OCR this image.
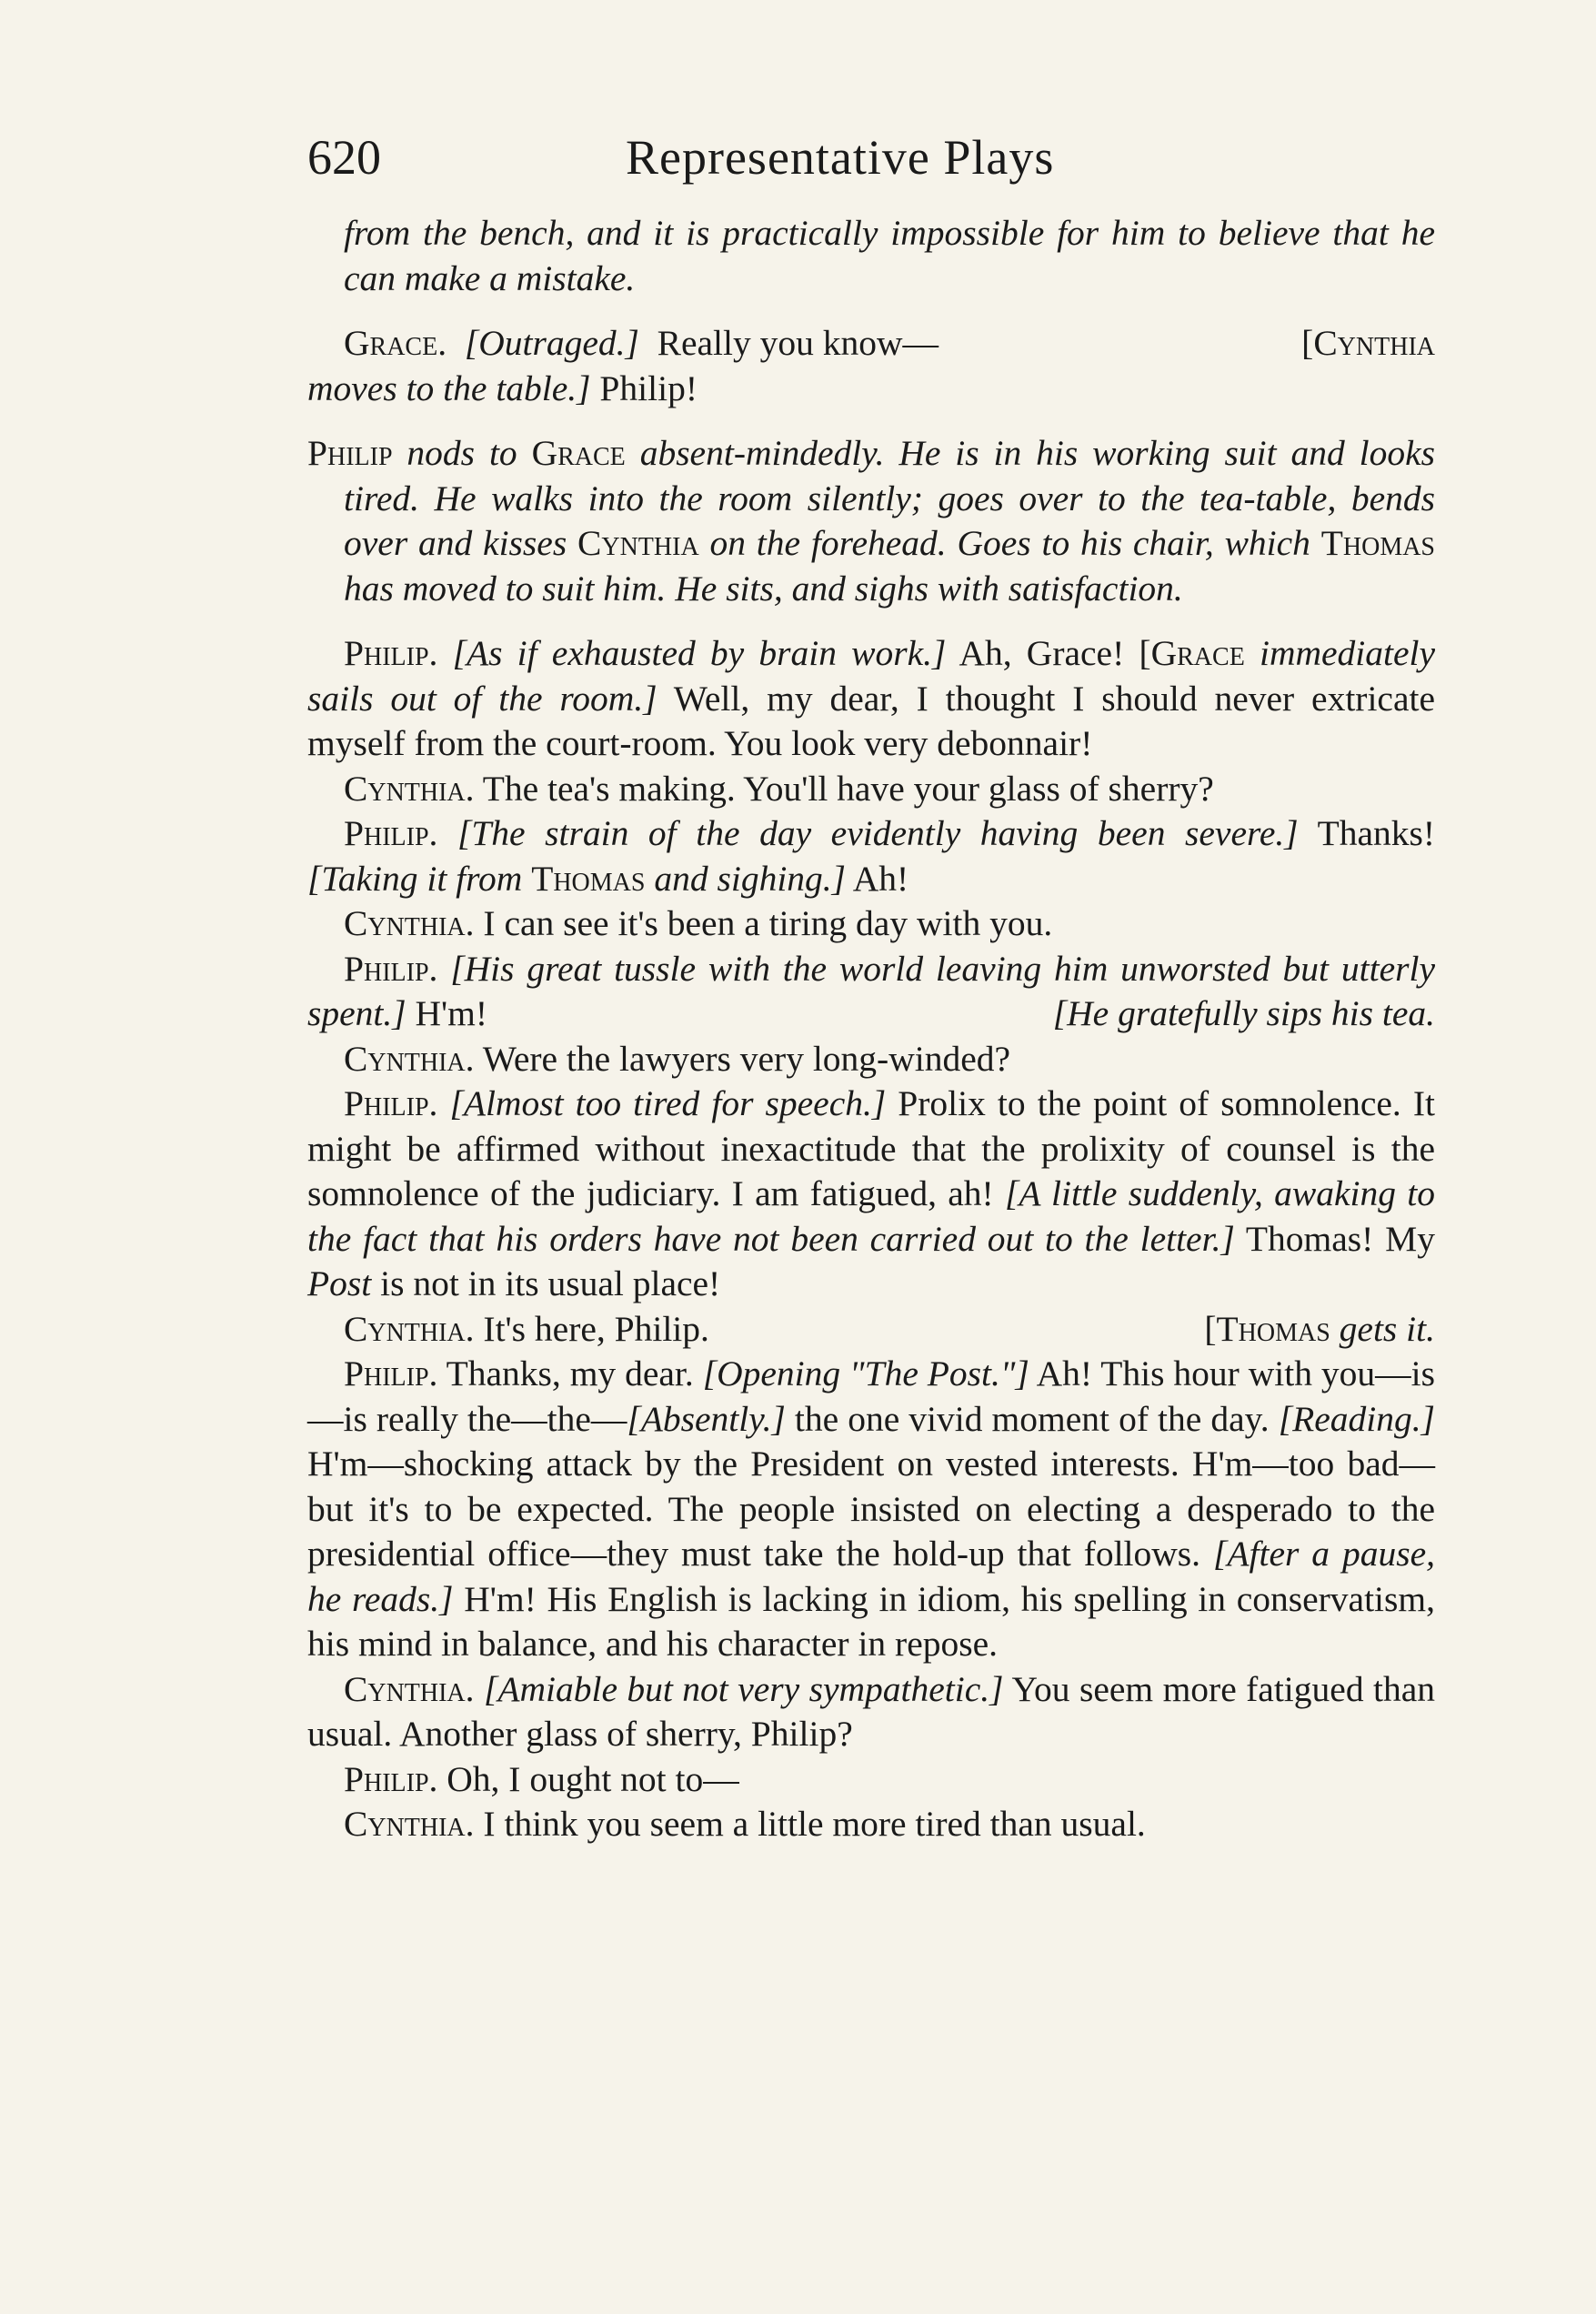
620	Representative Plays

from the bench, and it is practically impossible for him to believe that he can make a mistake.

Grace. [Outraged.] Really you know—	[Cynthia

moves to the table.] Philip!

Philip nods to Grace absent-mindedly. He is in his working suit and looks tired. He walks into the room silently; goes over to the tea-table, bends over and kisses Cynthia on the forehead. Goes to his chair, which Thomas has moved to suit him. He sits, and sighs with satisfaction.

Philip. [As if exhausted by brain work.] Ah, Grace! [Grace immediately sails out of the room.] Well, my dear, I thought I should never extricate myself from the court-room. You look very debonnair!

Cynthia. The tea's making. You'll have your glass of sherry?

Philip. [The strain of the day evidently having been severe.] Thanks! [Taking it from Thomas and sighing.] Ah!

Cynthia. I can see it's been a tiring day with you.

Philip. [His great tussle with the world leaving him unworsted but utterly spent.] H'm!	[He gratefully sips his tea.

Cynthia. Were the lawyers very long-winded?

Philip. [Almost too tired for speech.] Prolix to the point of somnolence. It might be affirmed without inexactitude that the prolixity of counsel is the somnolence of the judiciary. I am fatigued, ah! [A little suddenly, awaking to the fact that his orders have not been carried out to the letter.] Thomas! My Post is not in its usual place!

Cynthia. It's here, Philip.	[Thomas gets it.

Philip. Thanks, my dear. [Opening "The Post."] Ah! This hour with you—is—is really the—the—[Absently.] the one vivid moment of the day. [Reading.] H'm—shocking attack by the President on vested interests. H'm—too bad—but it's to be expected. The people insisted on electing a desperado to the presidential office—they must take the hold-up that follows. [After a pause, he reads.] H'm! His English is lacking in idiom, his spelling in conservatism, his mind in balance, and his character in repose.

Cynthia. [Amiable but not very sympathetic.] You seem more fatigued than usual. Another glass of sherry, Philip?

Philip. Oh, I ought not to—

Cynthia. I think you seem a little more tired than usual.
